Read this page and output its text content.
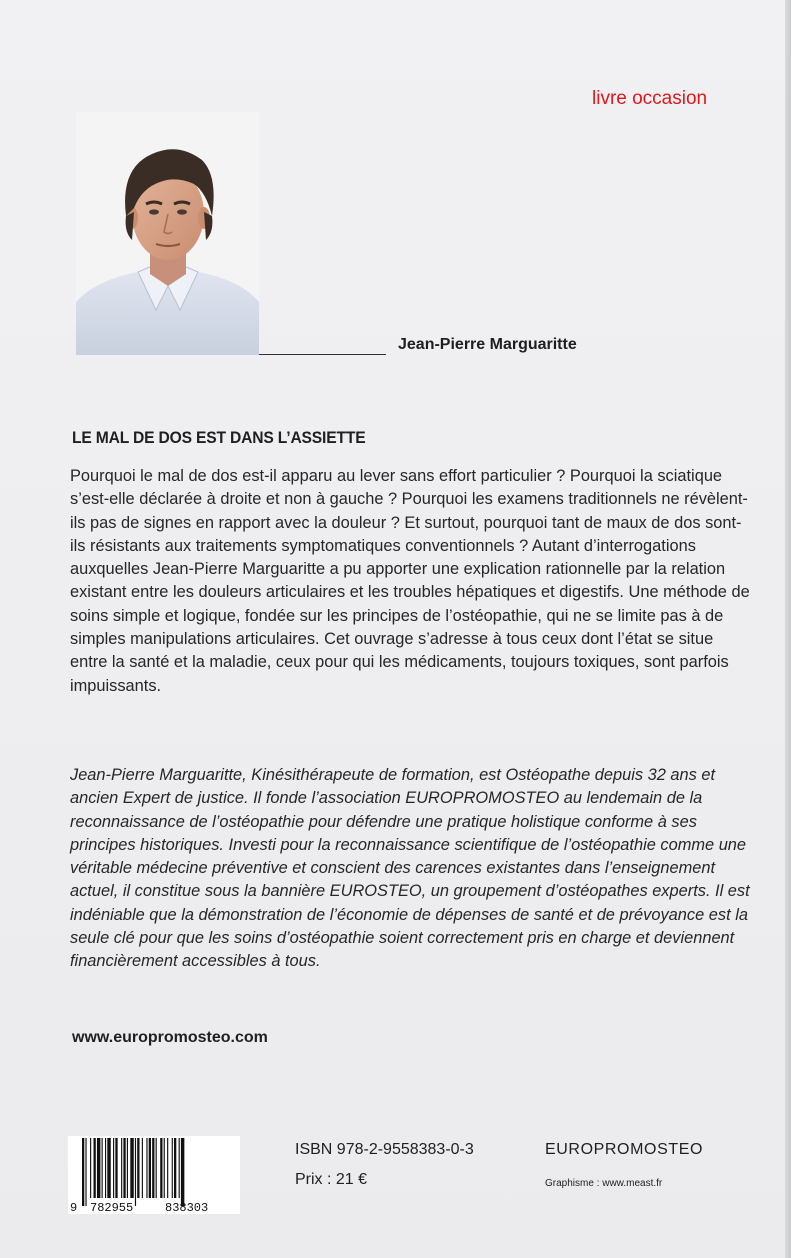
livre occasion
Jean-Pierre Marguaritte
LE MAL DE DOS EST DANS L’ASSIETTE

Pourquoi le mal de dos est-il apparu au lever sans effort particulier ? Pourquoi la sciatique s’est-elle déclarée à droite et non à gauche ? Pourquoi les examens traditionnels ne révèlent-ils pas de signes en rapport avec la douleur ? Et surtout, pourquoi tant de maux de dos sont-ils résistants aux traitements symptomatiques conventionnels ? Autant d’interrogations auxquelles Jean-Pierre Marguaritte a pu apporter une explication rationnelle par la relation existant entre les douleurs articulaires et les troubles hépatiques et digestifs. Une méthode de soins simple et logique, fondée sur les principes de l’ostéopathie, qui ne se limite pas à de simples manipulations articulaires. Cet ouvrage s’adresse à tous ceux dont l’état se situe entre la santé et la maladie, ceux pour qui les médicaments, toujours toxiques, sont parfois impuissants.

Jean-Pierre Marguaritte, Kinésithérapeute de formation, est Ostéopathe depuis 32 ans et ancien Expert de justice. Il fonde l’association EUROPROMOSTEO au lendemain de la reconnaissance de l’ostéopathie pour défendre une pratique holistique conforme à ses principes historiques. Investi pour la reconnaissance scientifique de l’ostéopathie comme une véritable médecine préventive et conscient des carences existantes dans l’enseignement actuel, il constitue sous la bannière EUROSTEO, un groupement d’ostéopathes experts. Il est indéniable que la démonstration de l’économie de dépenses de santé et de prévoyance est la seule clé pour que les soins d’ostéopathie soient correctement pris en charge et deviennent financièrement accessibles à tous.

www.europromosteo.com
9 782955	838303
ISBN 978-2-9558383-0-3
Prix : 21 €
EUROPROMOSTEO
Graphisme : www.meast.fr
